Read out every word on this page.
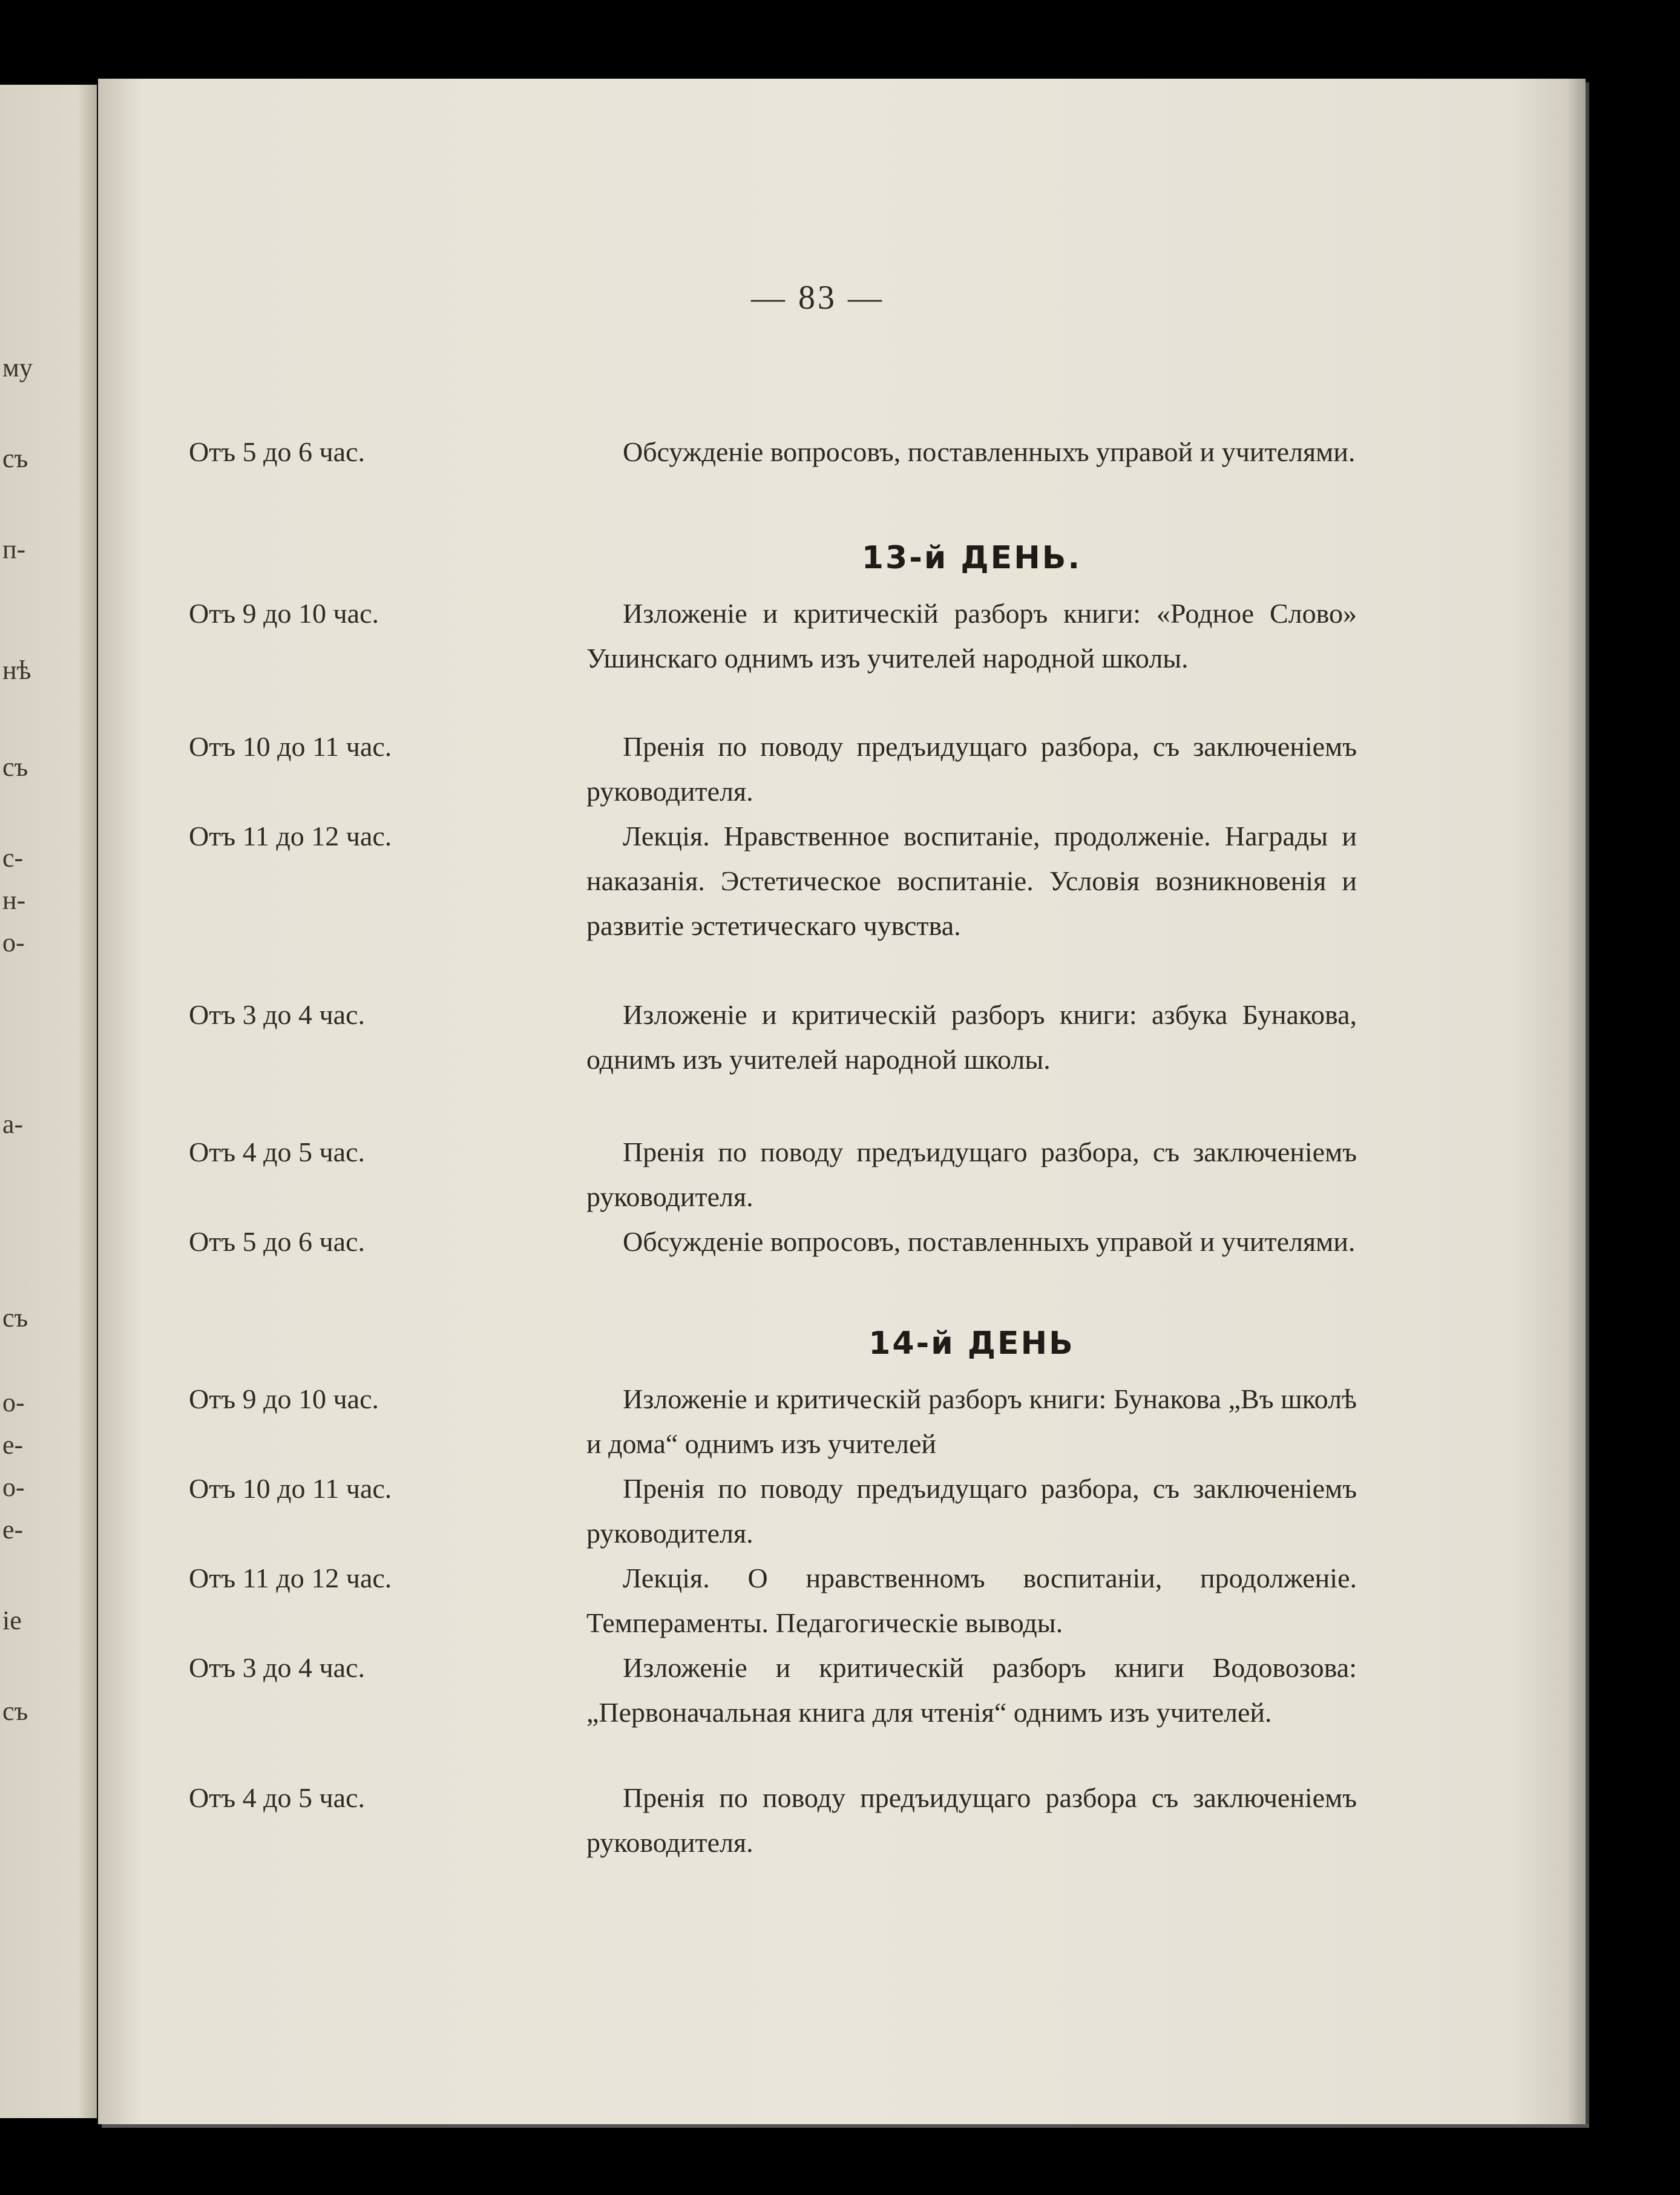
му
съ
п-
нѣ
съ
с-
н-
о-
а-
съ
о-
е-
о-
е-
іе
съ
— 83 —
Отъ 5 до 6 час.	Обсужденіе вопросовъ, поставленныхъ управой и учителями.
13-й ДЕНЬ.
Отъ 9 до 10 час.	Изложеніе и критическій разборъ книги: «Родное Слово» Ушинскаго однимъ изъ учителей народной школы.
Отъ 10 до 11 час.	Пренія по поводу предъидущаго разбора, съ заключеніемъ руководителя.
Отъ 11 до 12 час.	Лекція. Нравственное воспитаніе, продолженіе. Награды и наказанія. Эстетическое воспитаніе. Условія возникновенія и развитіе эстетическаго чувства.
Отъ 3 до 4 час.	Изложеніе и критическій разборъ книги: азбука Бунакова, однимъ изъ учителей народной школы.
Отъ 4 до 5 час.	Пренія по поводу предъидущаго разбора, съ заключеніемъ руководителя.
Отъ 5 до 6 час.	Обсужденіе вопросовъ, поставленныхъ управой и учителями.
14-й ДЕНЬ
Отъ 9 до 10 час.	Изложеніе и критическій разборъ книги: Бунакова „Въ школѣ и дома“ однимъ изъ учителей
Отъ 10 до 11 час.	Пренія по поводу предъидущаго разбора, съ заключеніемъ руководителя.
Отъ 11 до 12 час.	Лекція. О нравственномъ воспитаніи, продолженіе. Темпераменты. Педагогическіе выводы.
Отъ 3 до 4 час.	Изложеніе и критическій разборъ книги Водовозова: „Первоначальная книга для чтенія“ однимъ изъ учителей.
Отъ 4 до 5 час.	Пренія по поводу предъидущаго разбора съ заключеніемъ руководителя.
